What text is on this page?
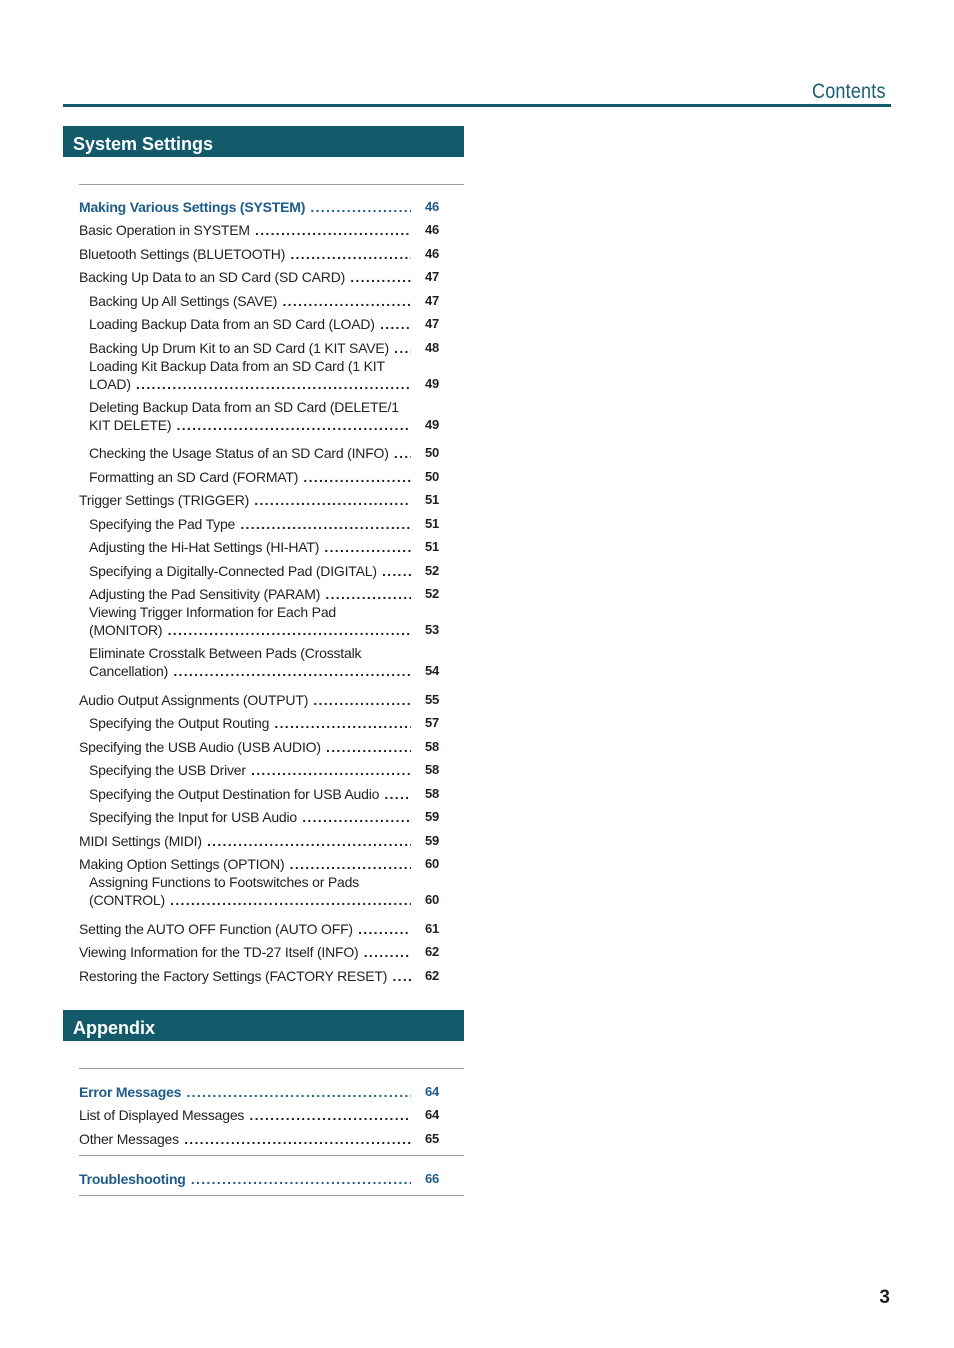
Contents
System Settings
Making Various Settings (SYSTEM) .....	46
Basic Operation in SYSTEM .....	46
Bluetooth Settings (BLUETOOTH) .....	46
Backing Up Data to an SD Card (SD CARD) .....	47
Backing Up All Settings (SAVE) .....	47
Loading Backup Data from an SD Card (LOAD) .....	47
Backing Up Drum Kit to an SD Card (1 KIT SAVE) .....	48
Loading Kit Backup Data from an SD Card (1 KIT
LOAD) .....	49
Deleting Backup Data from an SD Card (DELETE/1
KIT DELETE) .....	49
Checking the Usage Status of an SD Card (INFO) .....	50
Formatting an SD Card (FORMAT) .....	50
Trigger Settings (TRIGGER) .....	51
Specifying the Pad Type .....	51
Adjusting the Hi-Hat Settings (HI-HAT) .....	51
Specifying a Digitally-Connected Pad (DIGITAL) .....	52
Adjusting the Pad Sensitivity (PARAM) .....	52
Viewing Trigger Information for Each Pad
(MONITOR) .....	53
Eliminate Crosstalk Between Pads (Crosstalk
Cancellation) .....	54
Audio Output Assignments (OUTPUT) .....	55
Specifying the Output Routing .....	57
Specifying the USB Audio (USB AUDIO) .....	58
Specifying the USB Driver .....	58
Specifying the Output Destination for USB Audio .....	58
Specifying the Input for USB Audio .....	59
MIDI Settings (MIDI) .....	59
Making Option Settings (OPTION) .....	60
Assigning Functions to Footswitches or Pads
(CONTROL) .....	60
Setting the AUTO OFF Function (AUTO OFF) .....	61
Viewing Information for the TD-27 Itself (INFO) .....	62
Restoring the Factory Settings (FACTORY RESET) .....	62
Appendix
Error Messages .....	64
List of Displayed Messages .....	64
Other Messages .....	65
Troubleshooting .....	66
3
